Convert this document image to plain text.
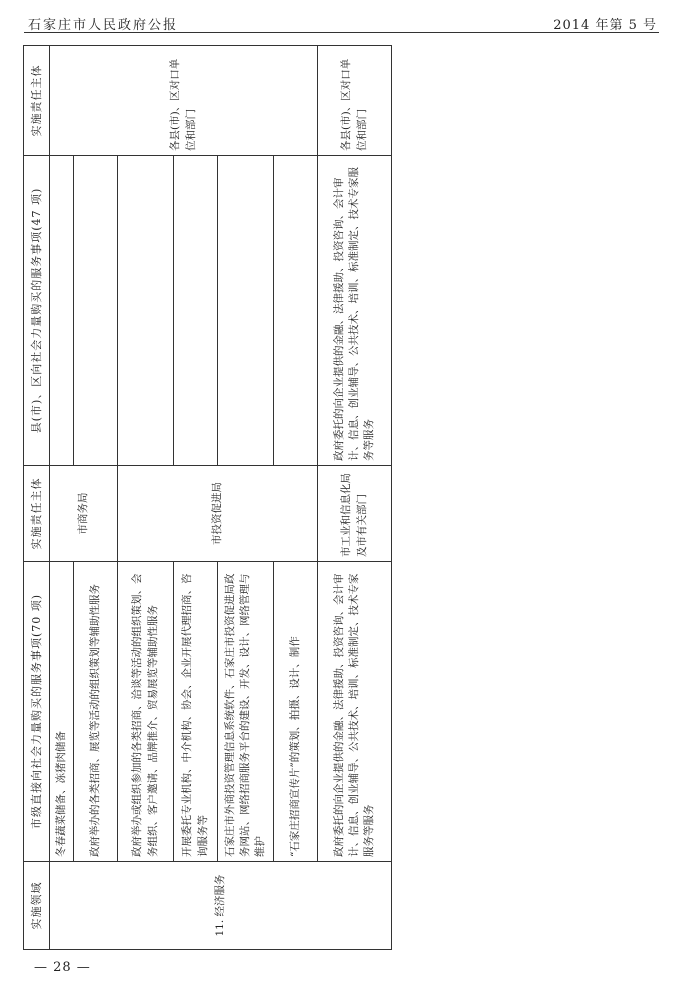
石家庄市人民政府公报	2014 年第 5 号
实施领域	市级直接向社会力量购买的服务事项(70 项)	实施责任主体	县(市)、区向社会力量购买的服务事项(47 项)	实施责任主体
11. 经济服务	冬春蔬菜储备、冻猪肉储备	市商务局		各县(市)、区对口单位和部门
	政府举办的各类招商、展览等活动的组织策划等辅助性服务			
	政府举办或组织参加的各类招商、洽谈等活动的组织策划、会务组织、客户邀请、品牌推介、贸易展览等辅助性服务	市投资促进局		
	开展委托专业机构、中介机构、协会、企业开展代理招商、咨询服务等			
	石家庄市外商投资管理信息系统软件、石家庄市投资促进局政务网站、网络招商服务平台的建设、开发、设计、网络管理与维护			
	“石家庄招商宣传片”的策划、拍摄、设计、制作			
	政府委托的向企业提供的金融、法律援助、投资咨询、会计审计、信息、创业辅导、公共技术、培训、标准制定、技术专家服务等服务	市工业和信息化局及市有关部门	政府委托的向企业提供的金融、法律援助、投资咨询、会计审计、信息、创业辅导、公共技术、培训、标准制定、技术专家服务等服务	各县(市)、区对口单位和部门
— 28 —
